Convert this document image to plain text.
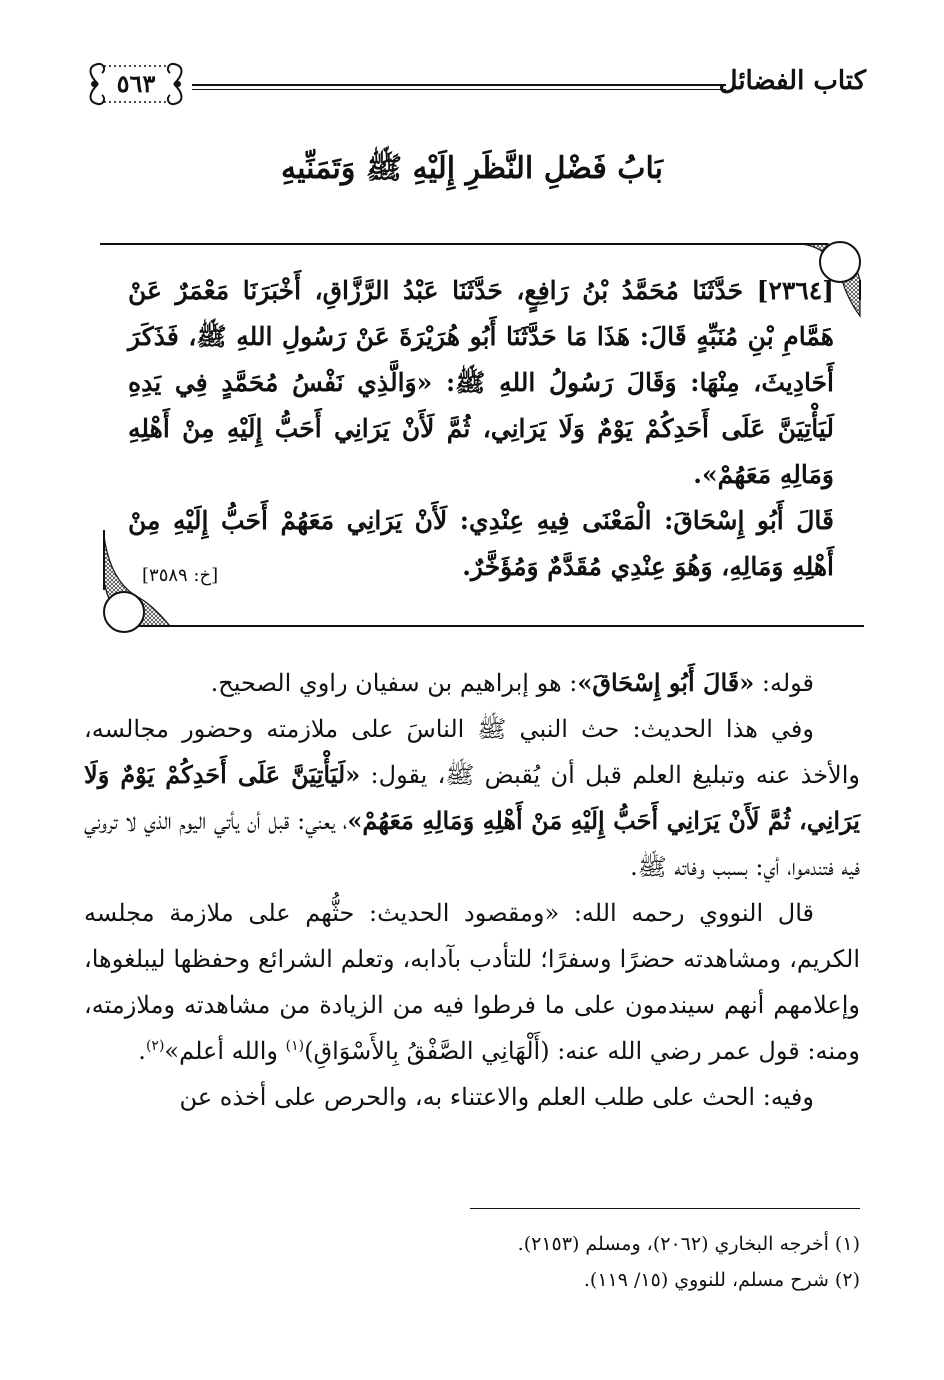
كتاب الفضائل
٥٦٣
بَابُ فَضْلِ النَّظَرِ إِلَيْهِ ﷺ وَتَمَنِّيهِ

[٢٣٦٤] حَدَّثَنَا مُحَمَّدُ بْنُ رَافِعٍ، حَدَّثَنَا عَبْدُ الرَّزَّاقِ، أَخْبَرَنَا مَعْمَرٌ عَنْ هَمَّامِ بْنِ مُنَبِّهٍ قَالَ: هَذَا مَا حَدَّثَنَا أَبُو هُرَيْرَةَ عَنْ رَسُولِ اللهِ ﷺ، فَذَكَرَ أَحَادِيثَ، مِنْهَا: وَقَالَ رَسُولُ اللهِ ﷺ: «وَالَّذِي نَفْسُ مُحَمَّدٍ فِي يَدِهِ لَيَأْتِيَنَّ عَلَى أَحَدِكُمْ يَوْمٌ وَلَا يَرَانِي، ثُمَّ لَأَنْ يَرَانِي أَحَبُّ إِلَيْهِ مِنْ أَهْلِهِ وَمَالِهِ مَعَهُمْ».

قَالَ أَبُو إِسْحَاقَ: الْمَعْنَى فِيهِ عِنْدِي: لَأَنْ يَرَانِي مَعَهُمْ أَحَبُّ إِلَيْهِ مِنْ أَهْلِهِ وَمَالِهِ، وَهُوَ عِنْدِي مُقَدَّمٌ وَمُؤَخَّرٌ.

[خ: ٣٥٨٩]

قوله: «قَالَ أَبُو إِسْحَاقَ»: هو إبراهيم بن سفيان راوي الصحيح.

وفي هذا الحديث: حث النبي ﷺ الناسَ على ملازمته وحضور مجالسه، والأخذ عنه وتبليغ العلم قبل أن يُقبض ﷺ، يقول: «لَيَأْتِيَنَّ عَلَى أَحَدِكُمْ يَوْمٌ وَلَا يَرَانِي، ثُمَّ لَأَنْ يَرَانِي أَحَبُّ إِلَيْهِ مَنْ أَهْلِهِ وَمَالِهِ مَعَهُمْ»، يعني: قبل أن يأتي اليوم الذي لا تروني فيه فتندموا، أي: بسبب وفاته ﷺ.

قال النووي رحمه الله: «ومقصود الحديث: حثُّهم على ملازمة مجلسه الكريم، ومشاهدته حضرًا وسفرًا؛ للتأدب بآدابه، وتعلم الشرائع وحفظها ليبلغوها، وإعلامهم أنهم سيندمون على ما فرطوا فيه من الزيادة من مشاهدته وملازمته، ومنه: قول عمر رضي الله عنه: (أَلْهَانِي الصَّفْقُ بِالأَسْوَاقِ)$^{(١)}$ والله أعلم»$^{(٢)}$.

وفيه: الحث على طلب العلم والاعتناء به، والحرص على أخذه عن

(١) أخرجه البخاري (٢٠٦٢)، ومسلم (٢١٥٣).

(٢) شرح مسلم، للنووي (١٥/ ١١٩).
